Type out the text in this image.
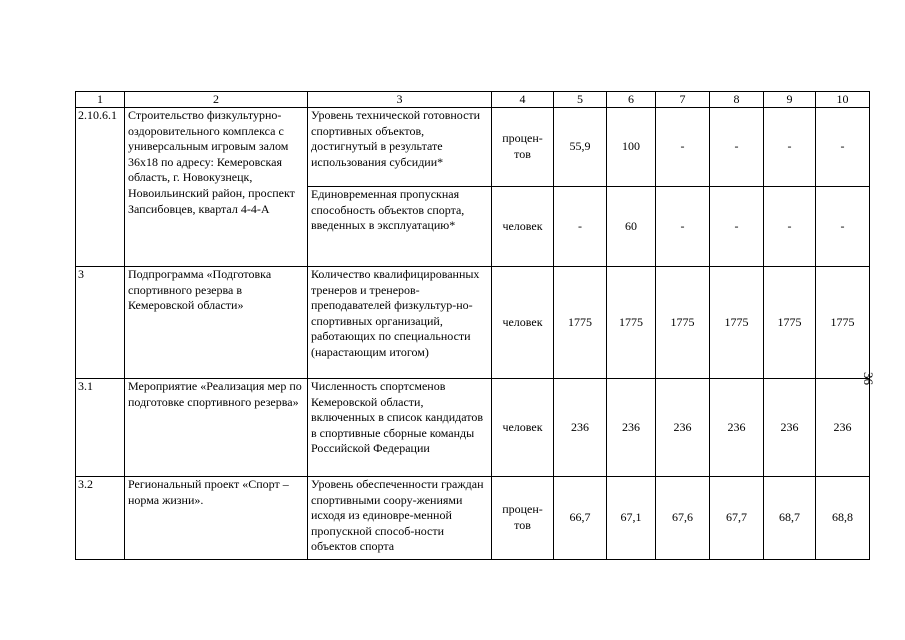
1	2	3	4	5	6	7	8	9	10
2.10.6.1	Строительство физкультурно-оздоровительного комплекса с универсальным игровым залом 36х18 по адресу: Кемеровская область, г. Новокузнецк, Новоильинский район, проспект Запсибовцев, квартал 4-4-А	Уровень технической готовности спортивных объектов, достигнутый в результате использования субсидии*	процен-тов	55,9	100	-	-	-	-
		Единовременная пропускная способность объектов спорта, введенных в эксплуатацию*	человек	-	60	-	-	-	-
3	Подпрограмма «Подготовка спортивного резерва в Кемеровской области»	Количество квалифицированных тренеров и тренеров-преподавателей физкультур-но-спортивных организаций, работающих по специальности (нарастающим итогом)	человек	1775	1775	1775	1775	1775	1775
3.1	Мероприятие «Реализация мер по подготовке спортивного резерва»	Численность спортсменов Кемеровской области, включенных в список кандидатов в спортивные сборные команды Российской Федерации	человек	236	236	236	236	236	236
3.2	Региональный проект «Спорт – норма жизни».	Уровень обеспеченности граждан спортивными соору-жениями исходя из единовре-менной пропускной способ-ности объектов спорта	процен-тов	66,7	67,1	67,6	67,7	68,7	68,8
36
